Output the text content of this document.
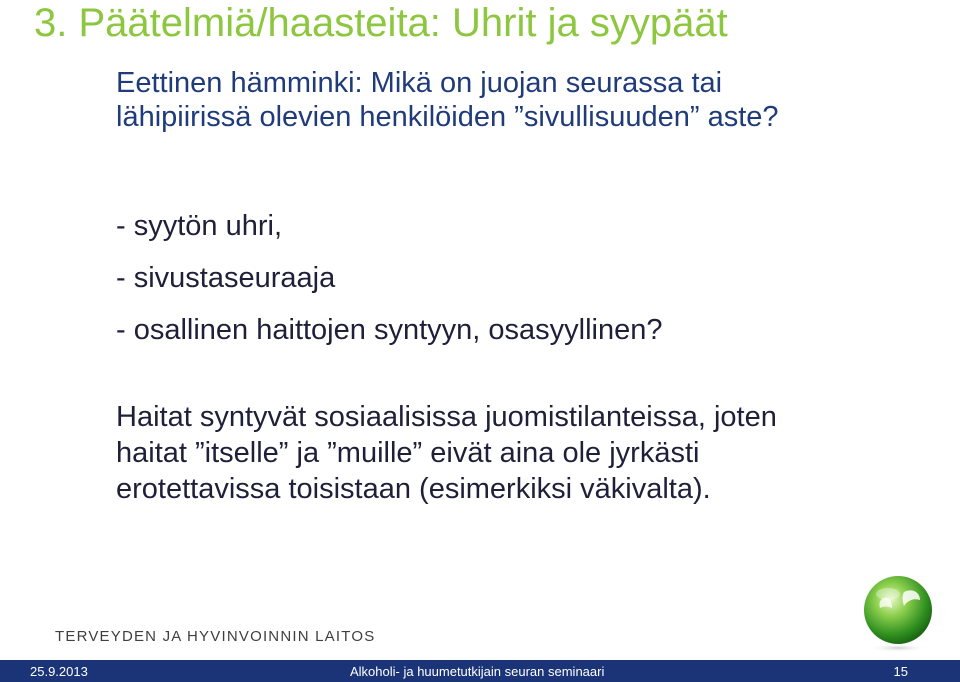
3. Päätelmiä/haasteita: Uhrit ja syypäät
Eettinen hämminki: Mikä on juojan seurassa tai
lähipiirissä olevien henkilöiden ”sivullisuuden” aste?
- syytön uhri,
- sivustaseuraaja
- osallinen haittojen syntyyn, osasyyllinen?
Haitat syntyvät sosiaalisissa juomistilanteissa, joten
haitat ”itselle” ja ”muille” eivät aina ole jyrkästi
erotettavissa toisistaan (esimerkiksi väkivalta).
TERVEYDEN JA HYVINVOINNIN LAITOS
25.9.2013	Alkoholi- ja huumetutkijain seuran seminaari	15
